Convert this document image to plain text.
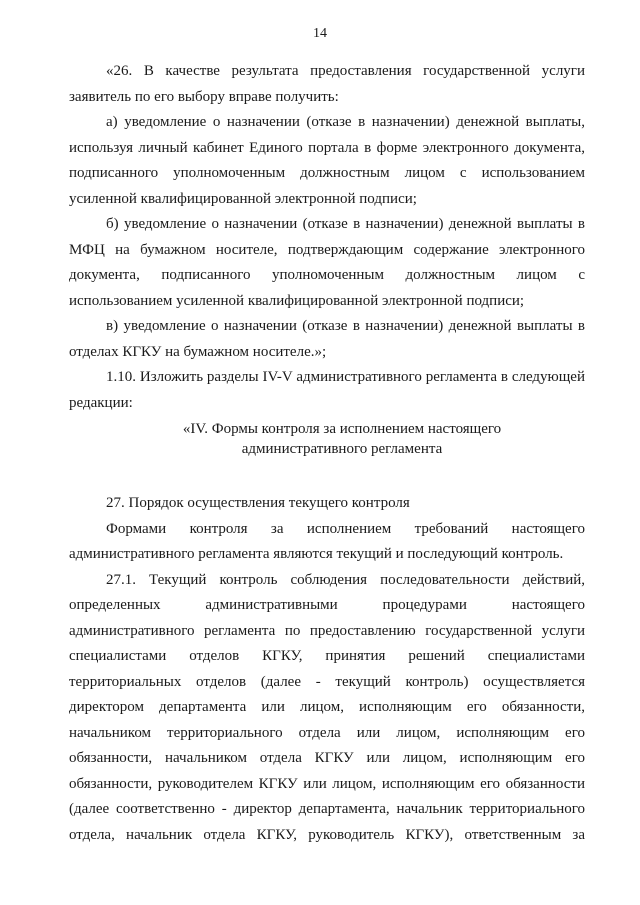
14

«26. В качестве результата предоставления государственной услуги заявитель по его выбору вправе получить:

а) уведомление о назначении (отказе в назначении) денежной выплаты, используя личный кабинет Единого портала в форме электронного документа, подписанного уполномоченным должностным лицом с использованием усиленной квалифицированной электронной подписи;

б) уведомление о назначении (отказе в назначении) денежной выплаты в МФЦ на бумажном носителе, подтверждающим содержание электронного документа, подписанного уполномоченным должностным лицом с использованием усиленной квалифицированной электронной подписи;

в) уведомление о назначении (отказе в назначении) денежной выплаты в отделах КГКУ на бумажном носителе.»;

1.10. Изложить разделы IV-V административного регламента в следующей редакции:

«IV. Формы контроля за исполнением настоящего
административного регламента

27. Порядок осуществления текущего контроля

Формами контроля за исполнением требований настоящего административного регламента являются текущий и последующий контроль.

27.1. Текущий контроль соблюдения последовательности действий, определенных административными процедурами настоящего административного регламента по предоставлению государственной услуги специалистами отделов КГКУ, принятия решений специалистами территориальных отделов (далее - текущий контроль) осуществляется директором департамента или лицом, исполняющим его обязанности, начальником территориального отдела или лицом, исполняющим его обязанности, начальником отдела КГКУ или лицом, исполняющим его обязанности, руководителем КГКУ или лицом, исполняющим его обязанности (далее соответственно - директор департамента, начальник территориального отдела, начальник отдела КГКУ, руководитель КГКУ), ответственным за
